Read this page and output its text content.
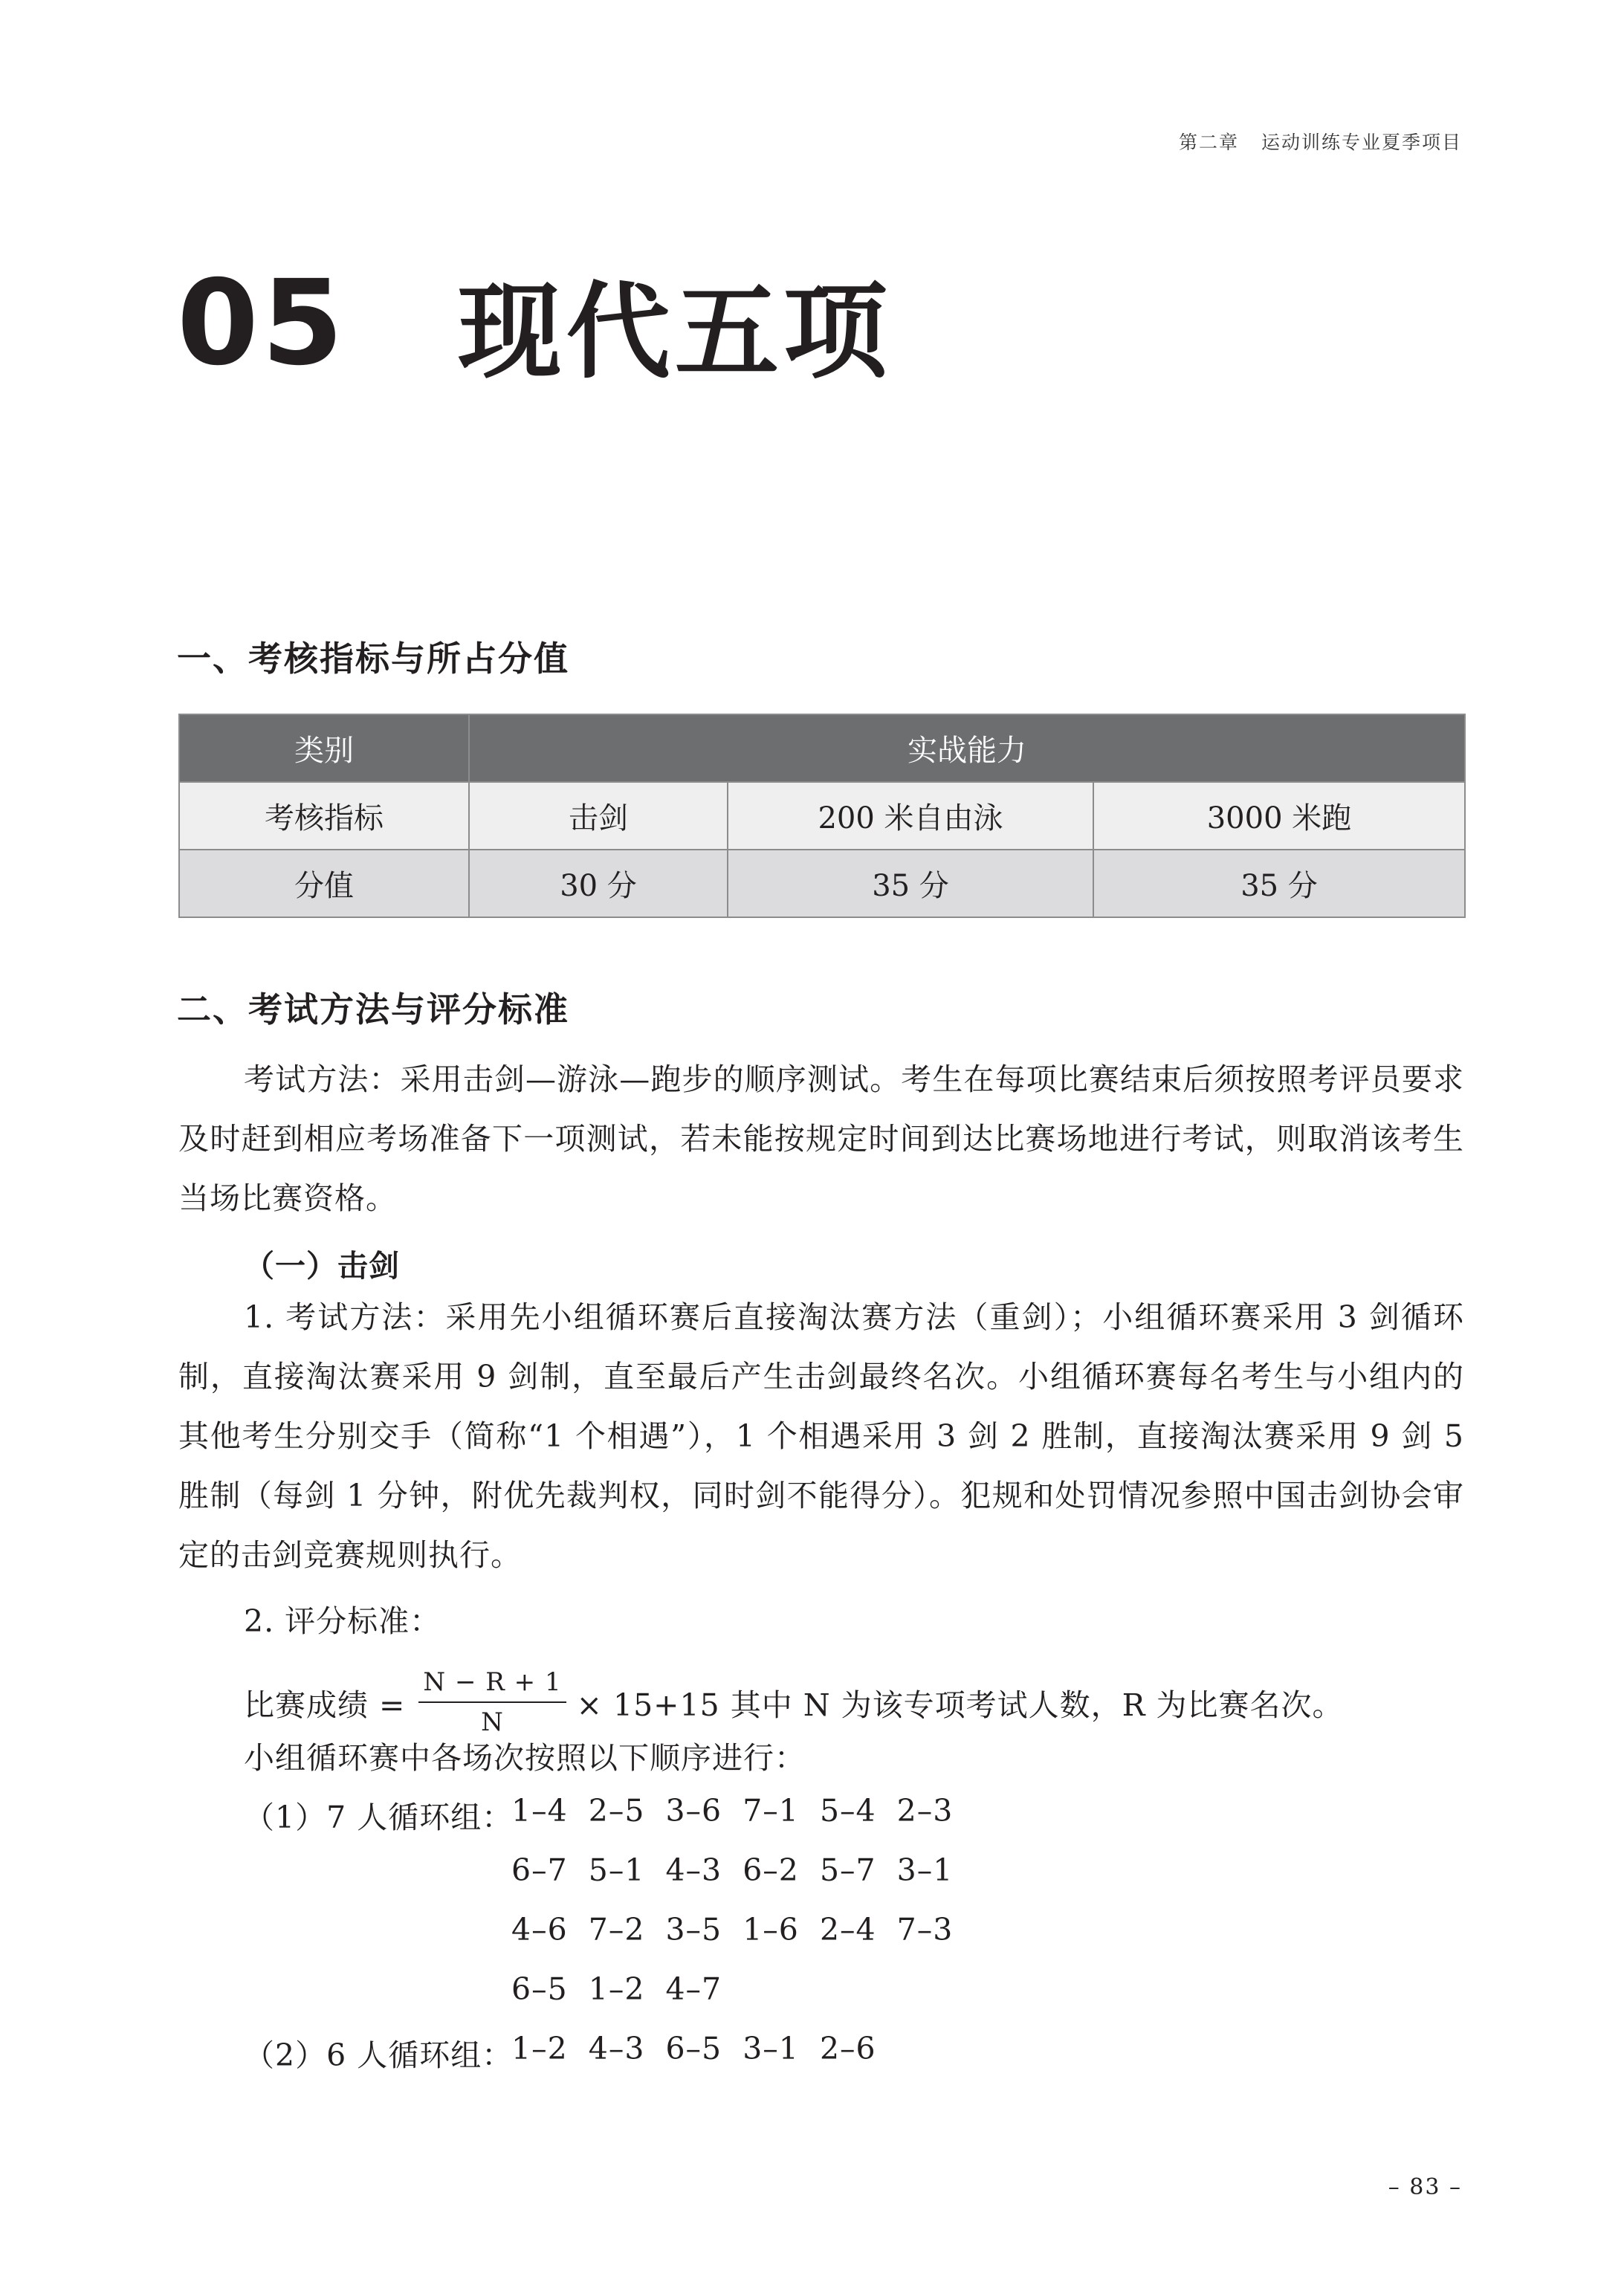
第二章 运动训练专业夏季项目
05 现代五项
一、考核指标与所占分值
类别	实战能力		
考核指标	击剑	200 米自由泳	3000 米跑
分值	30 分	35 分	35 分
二、考试方法与评分标准

考试方法：采用击剑—游泳—跑步的顺序测试。考生在每项比赛结束后须按照考评员要求及时赶到相应考场准备下一项测试，若未能按规定时间到达比赛场地进行考试，则取消该考生当场比赛资格。

（一）击剑

1. 考试方法：采用先小组循环赛后直接淘汰赛方法（重剑）；小组循环赛采用 3 剑循环制，直接淘汰赛采用 9 剑制，直至最后产生击剑最终名次。小组循环赛每名考生与小组内的其他考生分别交手（简称“1 个相遇”），1 个相遇采用 3 剑 2 胜制，直接淘汰赛采用 9 剑 5 胜制（每剑 1 分钟，附优先裁判权，同时剑不能得分）。犯规和处罚情况参照中国击剑协会审定的击剑竞赛规则执行。

2. 评分标准：
比赛成绩 = $\frac{N - R + 1}{N} \times 15+15$ 其中 N 为该专项考试人数，R 为比赛名次。
小组循环赛中各场次按照以下顺序进行：
（1）7 人循环组：
1–4  2–5  3–6  7–1  5–4  2–3
6–7  5–1  4–3  6–2  5–7  3–1
4–6  7–2  3–5  1–6  2–4  7–3
6–5  1–2  4–7
（2）6 人循环组：
1–2  4–3  6–5  3–1  2–6
– 83 –
